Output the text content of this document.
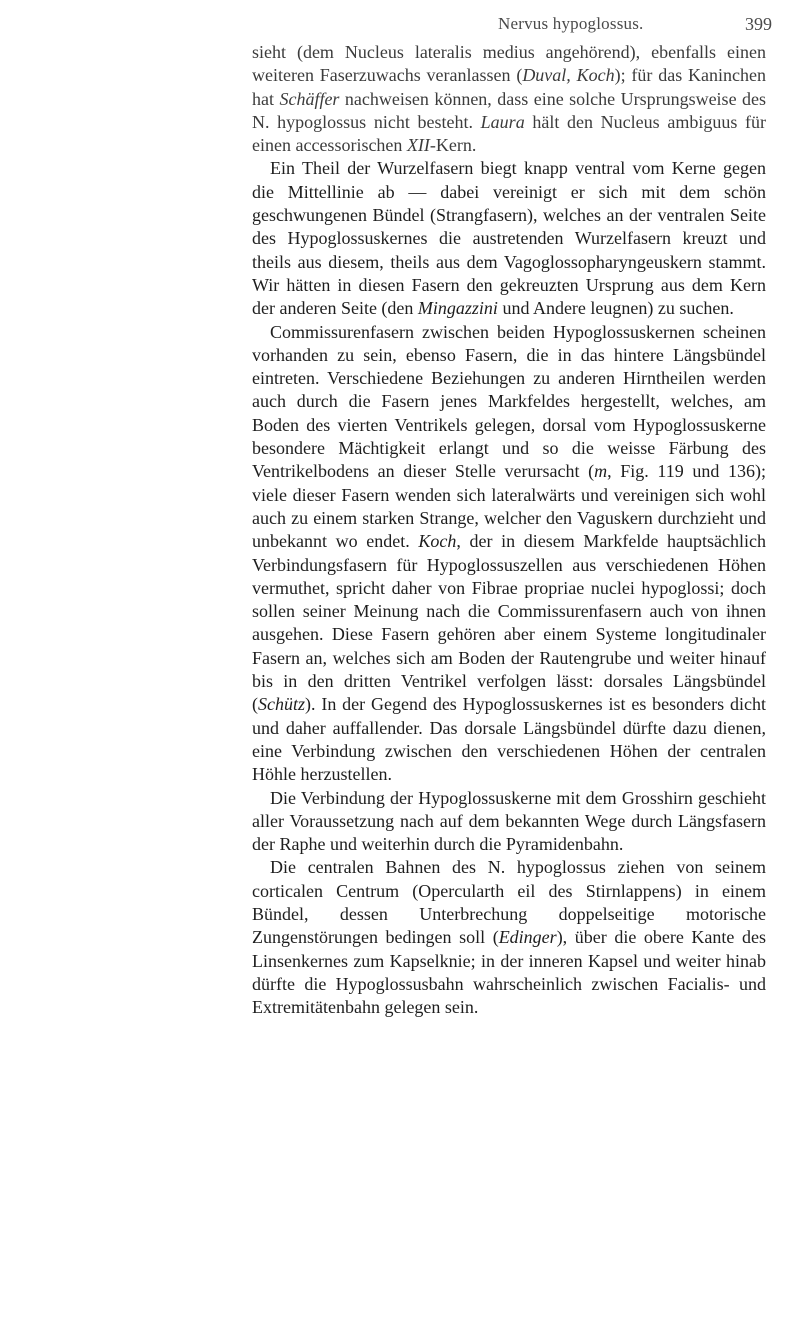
Nervus hypoglossus.	399

sieht (dem Nucleus lateralis medius angehörend), ebenfalls einen weiteren Faserzuwachs veranlassen (Duval, Koch); für das Kaninchen hat Schäffer nachweisen können, dass eine solche Ursprungsweise des N. hypoglossus nicht besteht. Laura hält den Nucleus ambiguus für einen accessorischen XII-Kern.

Ein Theil der Wurzelfasern biegt knapp ventral vom Kerne gegen die Mittellinie ab — dabei vereinigt er sich mit dem schön geschwungenen Bündel (Strangfasern), welches an der ventralen Seite des Hypoglossuskernes die austretenden Wurzelfasern kreuzt und theils aus diesem, theils aus dem Vagoglossopharyngeuskern stammt. Wir hätten in diesen Fasern den gekreuzten Ursprung aus dem Kern der anderen Seite (den Mingazzini und Andere leugnen) zu suchen.

Commissurenfasern zwischen beiden Hypoglossuskernen scheinen vorhanden zu sein, ebenso Fasern, die in das hintere Längsbündel eintreten. Verschiedene Beziehungen zu anderen Hirntheilen werden auch durch die Fasern jenes Markfeldes hergestellt, welches, am Boden des vierten Ventrikels gelegen, dorsal vom Hypoglossuskerne besondere Mächtigkeit erlangt und so die weisse Färbung des Ventrikelbodens an dieser Stelle verursacht (m, Fig. 119 und 136); viele dieser Fasern wenden sich lateralwärts und vereinigen sich wohl auch zu einem starken Strange, welcher den Vaguskern durchzieht und unbekannt wo endet. Koch, der in diesem Markfelde hauptsächlich Verbindungsfasern für Hypoglossuszellen aus verschiedenen Höhen vermuthet, spricht daher von Fibrae propriae nuclei hypoglossi; doch sollen seiner Meinung nach die Commissurenfasern auch von ihnen ausgehen. Diese Fasern gehören aber einem Systeme longitudinaler Fasern an, welches sich am Boden der Rautengrube und weiter hinauf bis in den dritten Ventrikel verfolgen lässt: dorsales Längsbündel (Schütz). In der Gegend des Hypoglossuskernes ist es besonders dicht und daher auffallender. Das dorsale Längsbündel dürfte dazu dienen, eine Verbindung zwischen den verschiedenen Höhen der centralen Höhle herzustellen.

Die Verbindung der Hypoglossuskerne mit dem Grosshirn geschieht aller Voraussetzung nach auf dem bekannten Wege durch Längsfasern der Raphe und weiterhin durch die Pyramidenbahn.

Die centralen Bahnen des N. hypoglossus ziehen von seinem corticalen Centrum (Opercularth eil des Stirnlappens) in einem Bündel, dessen Unterbrechung doppelseitige motorische Zungenstörungen bedingen soll (Edinger), über die obere Kante des Linsenkernes zum Kapselknie; in der inneren Kapsel und weiter hinab dürfte die Hypoglossusbahn wahrscheinlich zwischen Facialis- und Extremitätenbahn gelegen sein.
